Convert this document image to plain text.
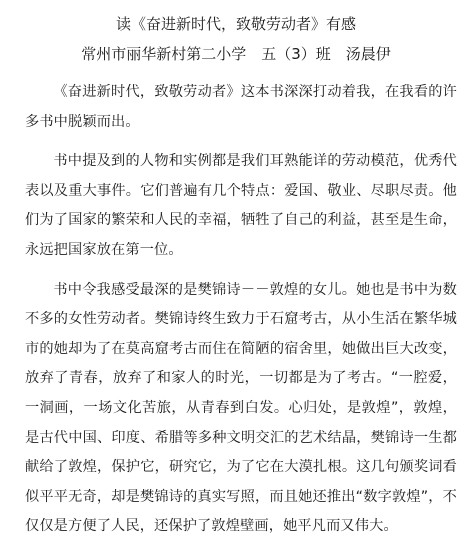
读《奋进新时代，致敬劳动者》有感
常州市丽华新村第二小学　五（3）班　汤晨伊

《奋进新时代，致敬劳动者》这本书深深打动着我，在我看的许多书中脱颖而出。

书中提及到的人物和实例都是我们耳熟能详的劳动模范，优秀代表以及重大事件。它们普遍有几个特点：爱国、敬业、尽职尽责。他们为了国家的繁荣和人民的幸福，牺牲了自己的利益，甚至是生命，永远把国家放在第一位。

书中令我感受最深的是樊锦诗－－敦煌的女儿。她也是书中为数不多的女性劳动者。樊锦诗终生致力于石窟考古，从小生活在繁华城市的她却为了在莫高窟考古而住在简陋的宿舍里，她做出巨大改变，放弃了青春，放弃了和家人的时光，一切都是为了考古。“一腔爱，一洞画，一场文化苦旅，从青春到白发。心归处，是敦煌”，敦煌，是古代中国、印度、希腊等多种文明交汇的艺术结晶，樊锦诗一生都献给了敦煌，保护它，研究它，为了它在大漠扎根。这几句颁奖词看似平平无奇，却是樊锦诗的真实写照，而且她还推出“数字敦煌”，不仅仅是方便了人民，还保护了敦煌壁画，她平凡而又伟大。
